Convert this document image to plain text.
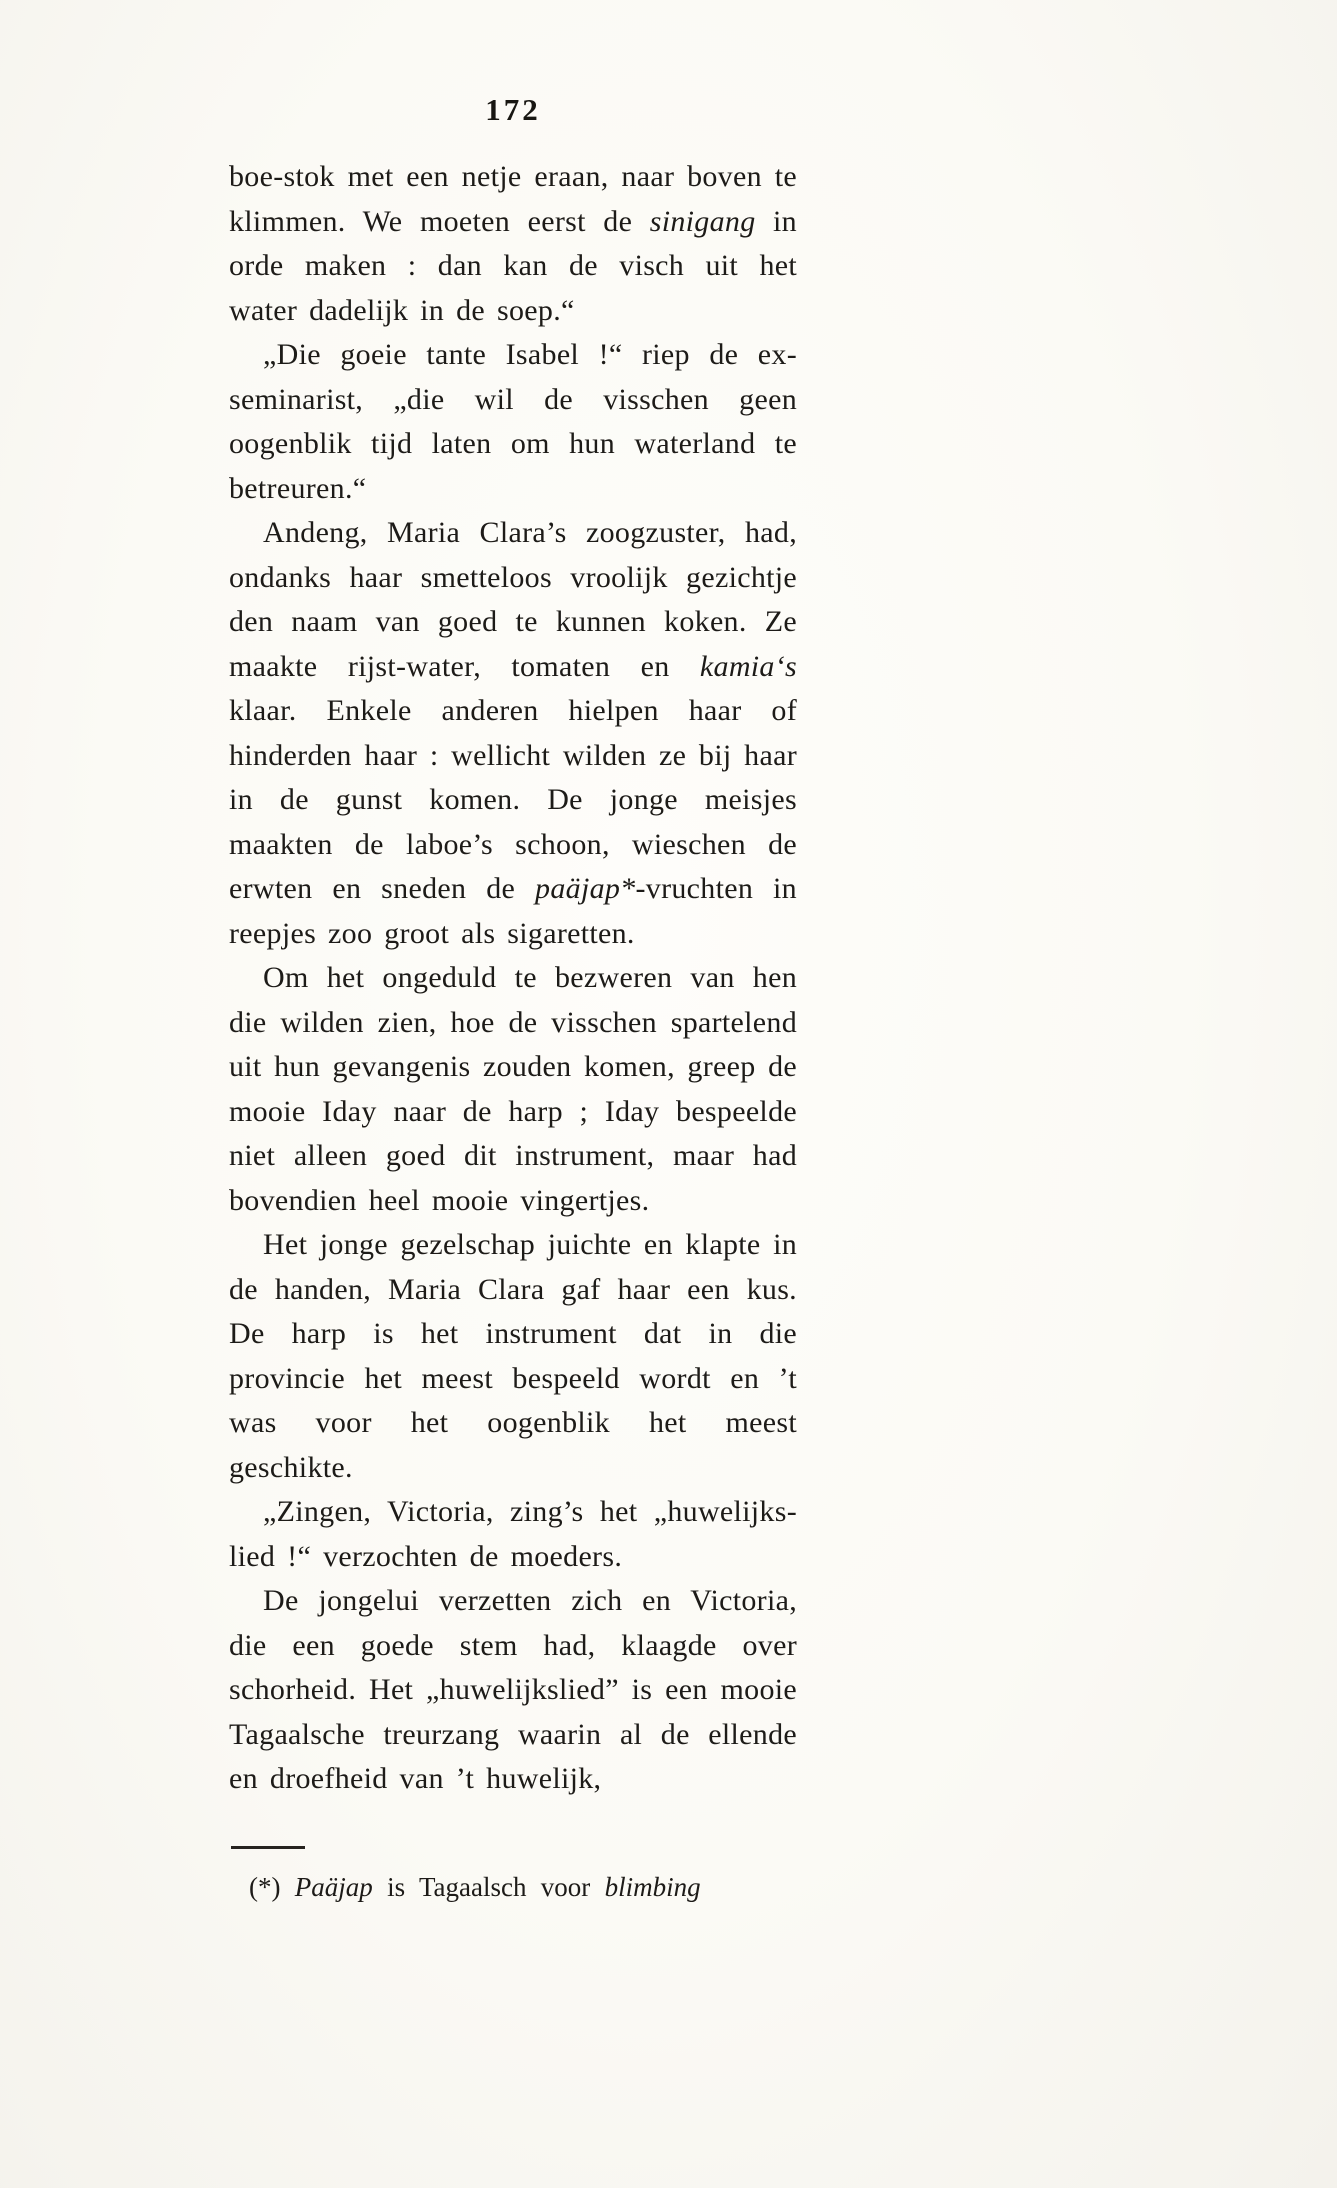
172

boe-stok met een netje eraan, naar boven te klimmen. We moeten eerst de sinigang in orde maken : dan kan de visch uit het water dadelijk in de soep.“

„Die goeie tante Isabel !“ riep de ex-seminarist, „die wil de visschen geen oogenblik tijd laten om hun waterland te betreuren.“

Andeng, Maria Clara’s zoogzuster, had, ondanks haar smetteloos vroolijk gezichtje den naam van goed te kunnen koken. Ze maakte rijst-water, tomaten en kamia‘s klaar. Enkele anderen hielpen haar of hinderden haar : wellicht wilden ze bij haar in de gunst komen. De jonge meisjes maakten de laboe’s schoon, wieschen de erwten en sneden de paäjap*-vruchten in reepjes zoo groot als sigaretten.

Om het ongeduld te bezweren van hen die wilden zien, hoe de visschen spartelend uit hun gevangenis zouden komen, greep de mooie Iday naar de harp ; Iday bespeelde niet alleen goed dit instrument, maar had bovendien heel mooie vingertjes.

Het jonge gezelschap juichte en klapte in de handen, Maria Clara gaf haar een kus. De harp is het instrument dat in die provincie het meest bespeeld wordt en ’t was voor het oogenblik het meest geschikte.

„Zingen, Victoria, zing’s het „huwelijks-lied !“ verzochten de moeders.

De jongelui verzetten zich en Victoria, die een goede stem had, klaagde over schorheid. Het „huwelijkslied” is een mooie Tagaalsche treurzang waarin al de ellende en droefheid van ’t huwelijk,

(*) Paäjap is Tagaalsch voor blimbing
